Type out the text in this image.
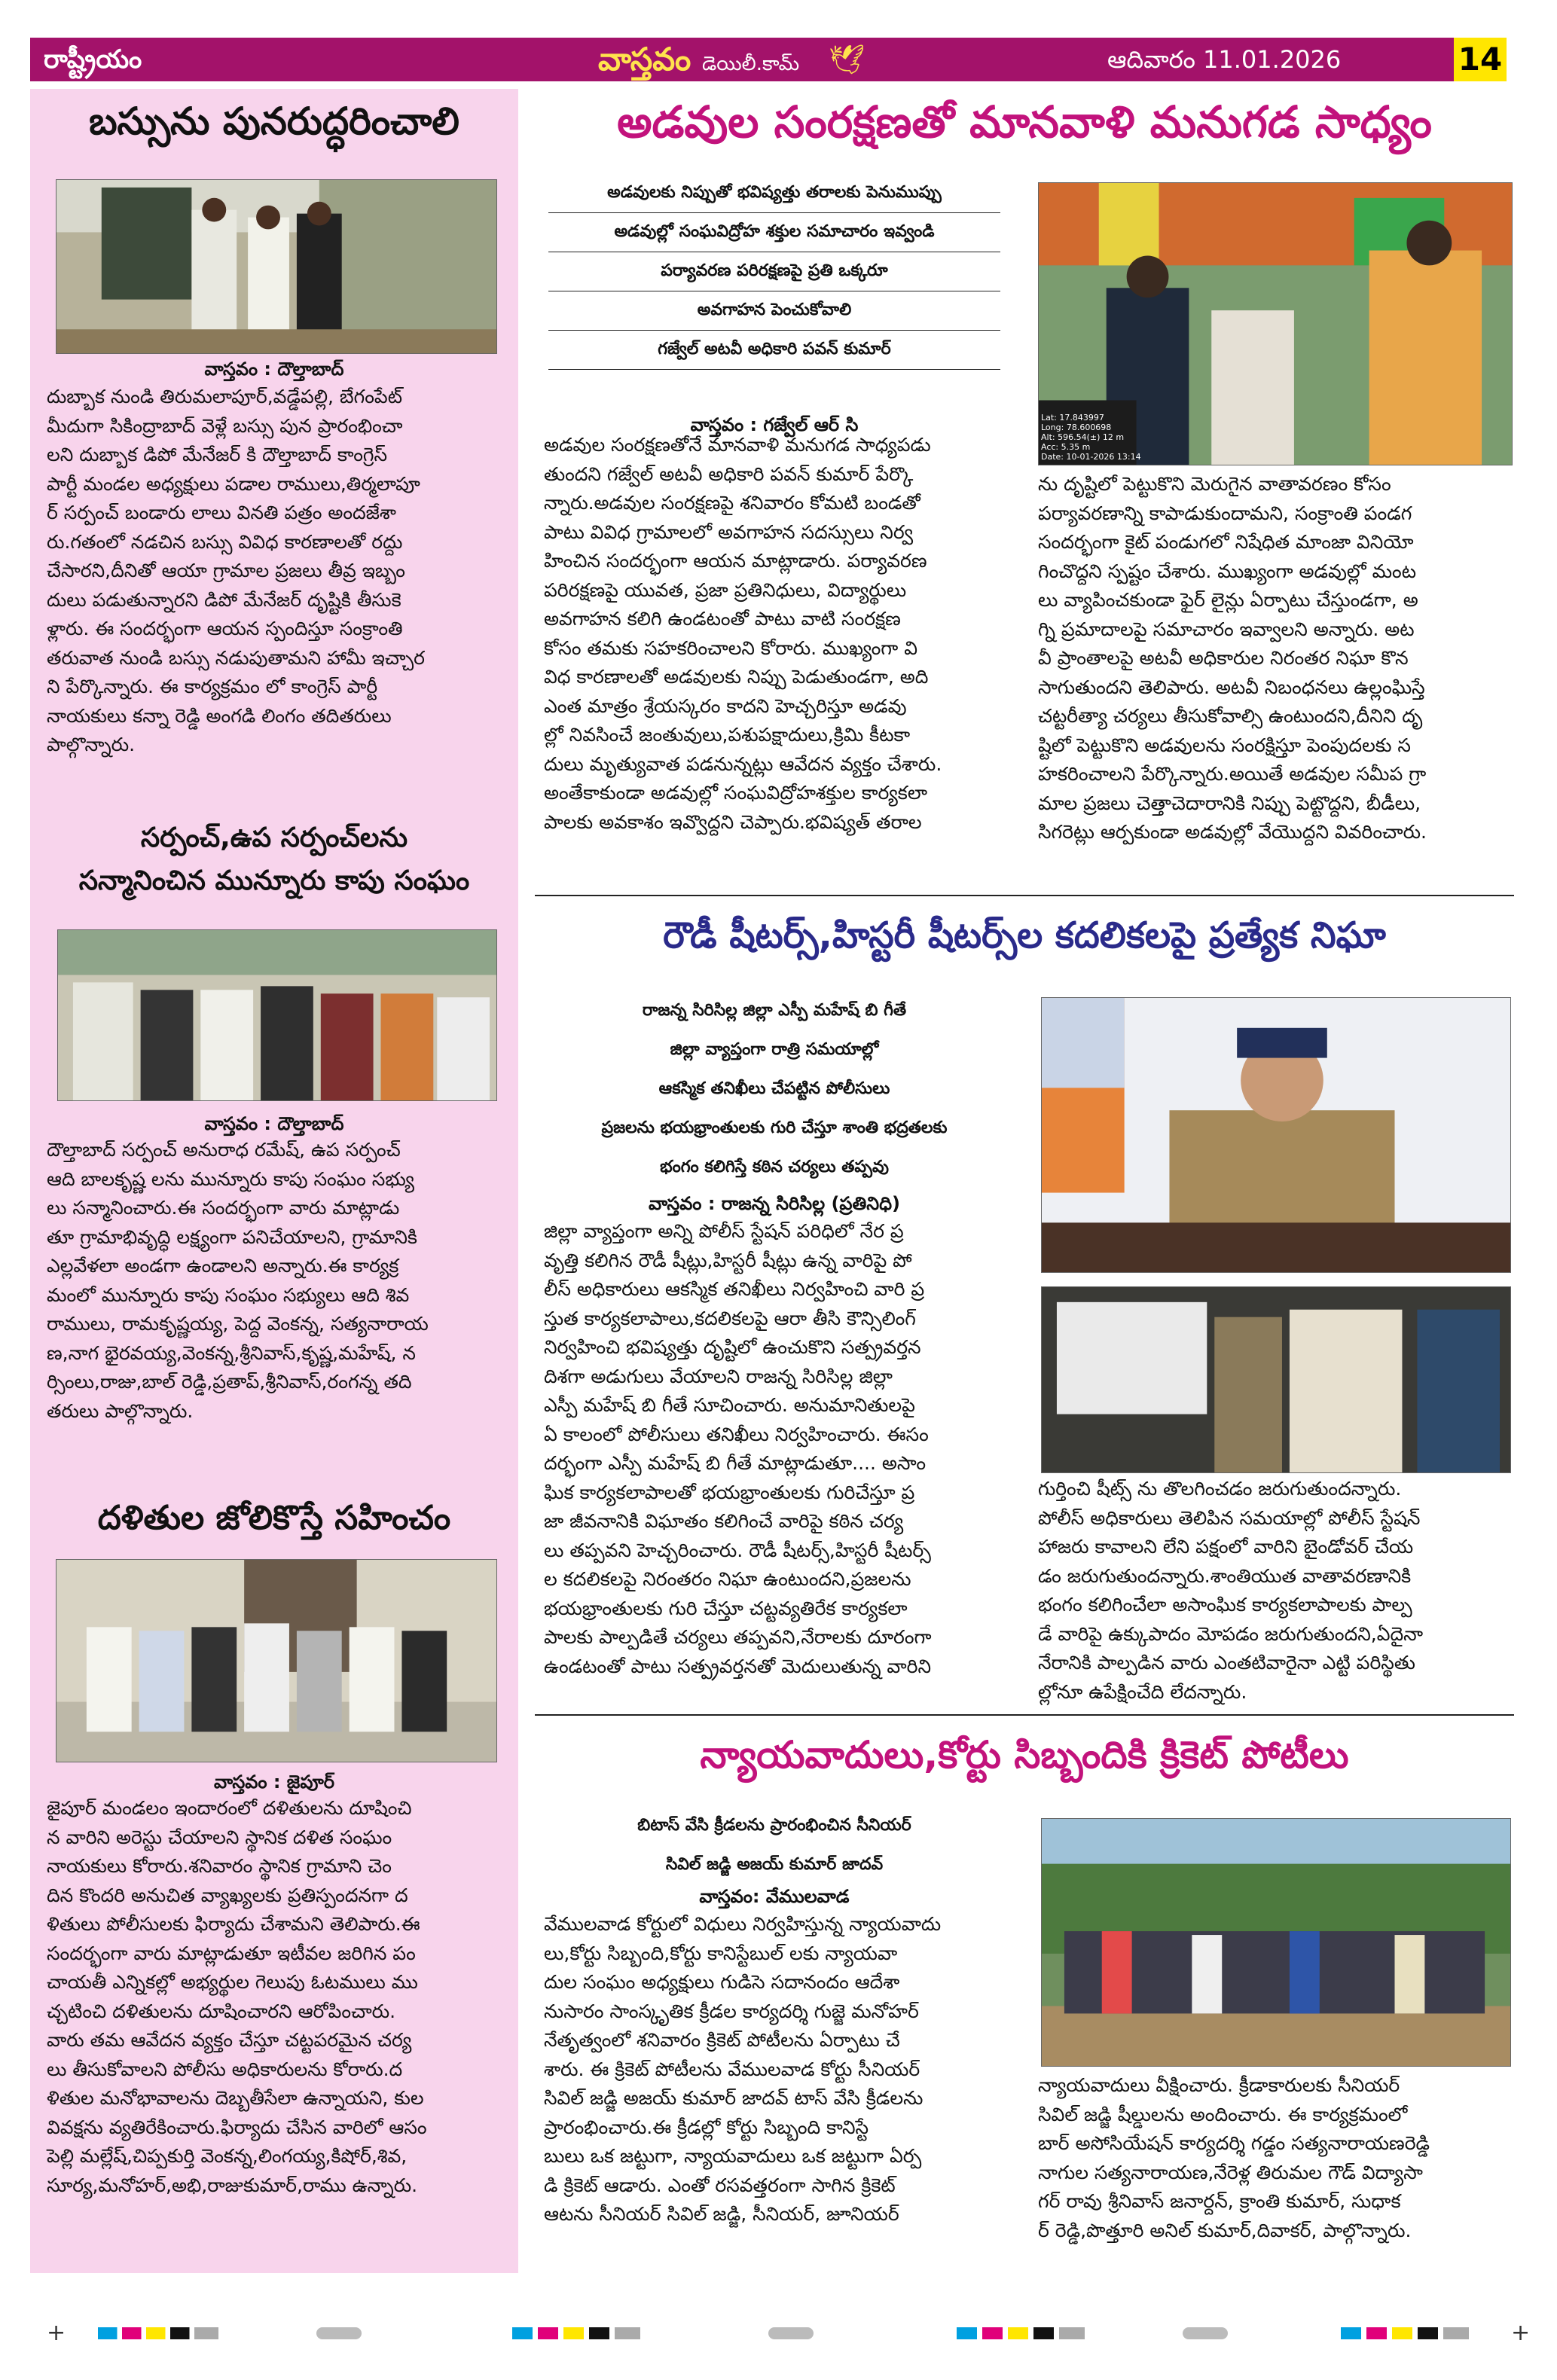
రాష్ట్రీయం	వాస్తవం డెయిలీ.కామ్ 🕊	ఆదివారం 11.01.2026	14
బస్సును పునరుద్ధరించాలి
వాస్తవం : దౌల్తాబాద్
దుబ్బాక నుండి తిరుమలాపూర్,వడ్డేపల్లి, బేగంపేట్
మీదుగా సికింద్రాబాద్ వెళ్లే బస్సు పున ప్రారంభించా
లని దుబ్బాక డిపో మేనేజర్ కి దౌల్తాబాద్ కాంగ్రెస్
పార్టీ మండల అధ్యక్షులు పడాల రాములు,తిర్మలాపూ
ర్ సర్పంచ్ బండారు లాలు వినతి పత్రం అందజేశా
రు.గతంలో నడచిన బస్సు వివిధ కారణాలతో రద్దు
చేసారని,దీనితో ఆయా గ్రామాల ప్రజలు తీవ్ర ఇబ్బం
దులు పడుతున్నారని డిపో మేనేజర్ దృష్టికి తీసుకె
ళ్లారు. ఈ సందర్భంగా ఆయన స్పందిస్తూ సంక్రాంతి
తరువాత నుండి బస్సు నడుపుతామని హామీ ఇచ్చార
ని పేర్కొన్నారు. ఈ కార్యక్రమం లో కాంగ్రెస్ పార్టీ
నాయకులు కన్నా రెడ్డి అంగడి లింగం తదితరులు
పాల్గొన్నారు.
సర్పంచ్,ఉప సర్పంచ్‌లను
సన్మానించిన మున్నూరు కాపు సంఘం
వాస్తవం : దౌల్తాబాద్
దౌల్తాబాద్ సర్పంచ్ అనురాధ రమేష్, ఉప సర్పంచ్
ఆది బాలకృష్ణ లను మున్నూరు కాపు సంఘం సభ్యు
లు సన్మానించారు.ఈ సందర్భంగా వారు మాట్లాడు
తూ గ్రామాభివృద్ధి లక్ష్యంగా పనిచేయాలని, గ్రామానికి
ఎల్లవేళలా అండగా ఉండాలని అన్నారు.ఈ కార్యక్ర
మంలో మున్నూరు కాపు సంఘం సభ్యులు ఆది శివ
రాములు, రామకృష్ణయ్య, పెద్ద వెంకన్న, సత్యనారాయ
ణ,నాగ భైరవయ్య,వెంకన్న,శ్రీనివాస్,కృష్ణ,మహేష్, న
ర్సింలు,రాజు,బాల్ రెడ్డి,ప్రతాప్,శ్రీనివాస్,రంగన్న తది
తరులు పాల్గొన్నారు.
దళితుల జోలికొస్తే సహించం
వాస్తవం : జైపూర్
జైపూర్ మండలం ఇందారంలో దళితులను దూషించి
న వారిని అరెస్టు చేయాలని స్థానిక దళిత సంఘం
నాయకులు కోరారు.శనివారం స్థానిక గ్రామాని చెం
దిన కొందరి అనుచిత వ్యాఖ్యలకు ప్రతిస్పందనగా ద
ళితులు పోలీసులకు ఫిర్యాదు చేశామని తెలిపారు.ఈ
సందర్భంగా వారు మాట్లాడుతూ ఇటీవల జరిగిన పం
చాయతీ ఎన్నికల్లో అభ్యర్థుల గెలుపు ఓటములు ము
చ్చటించి దళితులను దూషించారని ఆరోపించారు.
వారు తమ ఆవేదన వ్యక్తం చేస్తూ చట్టపరమైన చర్య
లు తీసుకోవాలని పోలీసు అధికారులను కోరారు.ద
ళితుల మనోభావాలను దెబ్బతీసేలా ఉన్నాయని, కుల
వివక్షను వ్యతిరేకించారు.ఫిర్యాదు చేసిన వారిలో ఆసం
పెల్లి మల్లేష్,చిప్పకుర్తి వెంకన్న,లింగయ్య,కిషోర్,శివ,
సూర్య,మనోహర్,అభి,రాజుకుమార్,రాము ఉన్నారు.
అడవుల సంరక్షణతో మానవాళి మనుగడ సాధ్యం
అడవులకు నిప్పుతో భవిష్యత్తు తరాలకు పెనుముప్పు
అడవుల్లో సంఘవిద్రోహ శక్తుల సమాచారం ఇవ్వండి
పర్యావరణ పరిరక్షణపై ప్రతి ఒక్కరూ
అవగాహన పెంచుకోవాలి
గజ్వేల్ అటవీ అధికారి పవన్ కుమార్
వాస్తవం : గజ్వేల్ ఆర్ సి	Lat: 17.843997
Long: 78.600698
Alt: 596.54(±) 12 m
Acc: 5.35 m
Date: 10-01-2026 13:14
అడవుల సంరక్షణతోనే మానవాళి మనుగడ సాధ్యపడు
తుందని గజ్వేల్ అటవీ అధికారి పవన్ కుమార్ పేర్కొ
న్నారు.అడవుల సంరక్షణపై శనివారం కోమటి బండతో
పాటు వివిధ గ్రామాలలో అవగాహన సదస్సులు నిర్వ
హించిన సందర్భంగా ఆయన మాట్లాడారు. పర్యావరణ
పరిరక్షణపై యువత, ప్రజా ప్రతినిధులు, విద్యార్థులు
అవగాహన కలిగి ఉండటంతో పాటు వాటి సంరక్షణ
కోసం తమకు సహకరించాలని కోరారు. ముఖ్యంగా వి
విధ కారణాలతో అడవులకు నిప్పు పెడుతుండగా, అది
ఎంత మాత్రం శ్రేయస్కరం కాదని హెచ్చరిస్తూ అడవు
ల్లో నివసించే జంతువులు,పశుపక్షాదులు,క్రిమి కీటకా
దులు మృత్యువాత పడనున్నట్లు ఆవేదన వ్యక్తం చేశారు.
అంతేకాకుండా అడవుల్లో సంఘవిద్రోహశక్తుల కార్యకలా
పాలకు అవకాశం ఇవ్వొద్దని చెప్పారు.భవిష్యత్ తరాల
ను దృష్టిలో పెట్టుకొని మెరుగైన వాతావరణం కోసం
పర్యావరణాన్ని కాపాడుకుందామని, సంక్రాంతి పండగ
సందర్భంగా కైట్ పండుగలో నిషేధిత మాంజా వినియో
గించొద్దని స్పష్టం చేశారు. ముఖ్యంగా అడవుల్లో మంట
లు వ్యాపించకుండా ఫైర్ లైన్లు ఏర్పాటు చేస్తుండగా, అ
గ్ని ప్రమాదాలపై సమాచారం ఇవ్వాలని అన్నారు. అట
వీ ప్రాంతాలపై అటవీ అధికారుల నిరంతర నిఘా కొన
సాగుతుందని తెలిపారు. అటవీ నిబంధనలు ఉల్లంఘిస్తే
చట్టరీత్యా చర్యలు తీసుకోవాల్సి ఉంటుందని,దీనిని దృ
ష్టిలో పెట్టుకొని అడవులను సంరక్షిస్తూ పెంపుదలకు స
హకరించాలని పేర్కొన్నారు.అయితే అడవుల సమీప గ్రా
మాల ప్రజలు చెత్తాచెదారానికి నిప్పు పెట్టొద్దని, బీడీలు,
సిగరెట్లు ఆర్పకుండా అడవుల్లో వేయొద్దని వివరించారు.
రౌడీ షీటర్స్,హిస్టరీ షీటర్స్‌ల కదలికలపై ప్రత్యేక నిఘా
రాజన్న సిరిసిల్ల జిల్లా ఎస్పీ మహేష్ బి గీతే
జిల్లా వ్యాప్తంగా రాత్రి సమయాల్లో
ఆకస్మిక తనిఖీలు చేపట్టిన పోలీసులు
ప్రజలను భయభ్రాంతులకు గురి చేస్తూ శాంతి భద్రతలకు
భంగం కలిగిస్తే కఠిన చర్యలు తప్పవు
వాస్తవం : రాజన్న సిరిసిల్ల (ప్రతినిధి)
జిల్లా వ్యాప్తంగా అన్ని పోలీస్ స్టేషన్ పరిధిలో నేర ప్ర
వృత్తి కలిగిన రౌడీ షీట్లు,హిస్టరీ షీట్లు ఉన్న వారిపై పో
లీస్ అధికారులు ఆకస్మిక తనిఖీలు నిర్వహించి వారి ప్ర
స్తుత కార్యకలాపాలు,కదలికలపై ఆరా తీసి కౌన్సిలింగ్
నిర్వహించి భవిష్యత్తు దృష్టిలో ఉంచుకొని సత్ప్రవర్తన
దిశగా అడుగులు వేయాలని రాజన్న సిరిసిల్ల జిల్లా
ఎస్పీ మహేష్ బి గీతే సూచించారు. అనుమానితులపై
ఏ కాలంలో పోలీసులు తనిఖీలు నిర్వహించారు. ఈసం
దర్భంగా ఎస్పీ మహేష్ బి గీతే మాట్లాడుతూ.... అసాం
ఘిక కార్యకలాపాలతో భయభ్రాంతులకు గురిచేస్తూ ప్ర
జా జీవనానికి విఘాతం కలిగించే వారిపై కఠిన చర్య
లు తప్పవని హెచ్చరించారు. రౌడీ షీటర్స్,హిస్టరీ షీటర్స్
ల కదలికలపై నిరంతరం నిఘా ఉంటుందని,ప్రజలను
భయభ్రాంతులకు గురి చేస్తూ చట్టవ్యతిరేక కార్యకలా
పాలకు పాల్పడితే చర్యలు తప్పవని,నేరాలకు దూరంగా
ఉండటంతో పాటు సత్ప్రవర్తనతో మెదులుతున్న వారిని
గుర్తించి షీట్స్ ను తొలగించడం జరుగుతుందన్నారు.
పోలీస్ అధికారులు తెలిపిన సమయాల్లో పోలీస్ స్టేషన్
హాజరు కావాలని లేని పక్షంలో వారిని బైండోవర్ చేయ
డం జరుగుతుందన్నారు.శాంతియుత వాతావరణానికి
భంగం కలిగించేలా అసాంఘిక కార్యకలాపాలకు పాల్ప
డే వారిపై ఉక్కుపాదం మోపడం జరుగుతుందని,ఏదైనా
నేరానికి పాల్పడిన వారు ఎంతటివారైనా ఎట్టి పరిస్థితు
ల్లోనూ ఉపేక్షించేది లేదన్నారు.
న్యాయవాదులు,కోర్టు సిబ్బందికి క్రికెట్ పోటీలు
బిటాస్ వేసి క్రీడలను ప్రారంభించిన సీనియర్
సివిల్ జడ్జి అజయ్ కుమార్ జాదవ్
వాస్తవం: వేములవాడ
వేములవాడ కోర్టులో విధులు నిర్వహిస్తున్న న్యాయవాదు
లు,కోర్టు సిబ్బంది,కోర్టు కానిస్టేబుల్ లకు న్యాయవా
దుల సంఘం అధ్యక్షులు గుడిసె సదానందం ఆదేశా
నుసారం సాంస్కృతిక క్రీడల కార్యదర్శి గుజ్జె మనోహర్
నేతృత్వంలో శనివారం క్రికెట్ పోటీలను ఏర్పాటు చే
శారు. ఈ క్రికెట్ పోటీలను వేములవాడ కోర్టు సీనియర్
సివిల్ జడ్జి అజయ్ కుమార్ జాదవ్ టాస్ వేసి క్రీడలను
ప్రారంభించారు.ఈ క్రీడల్లో కోర్టు సిబ్బంది కానిస్టే
బులు ఒక జట్టుగా, న్యాయవాదులు ఒక జట్టుగా ఏర్ప
డి క్రికెట్ ఆడారు. ఎంతో రసవత్తరంగా సాగిన క్రికెట్
ఆటను సీనియర్ సివిల్ జడ్జి, సీనియర్, జూనియర్
న్యాయవాదులు వీక్షించారు. క్రీడాకారులకు సీనియర్
సివిల్ జడ్జి షీల్డులను అందించారు. ఈ కార్యక్రమంలో
బార్ అసోసియేషన్ కార్యదర్శి గడ్డం సత్యనారాయణరెడ్డి
నాగుల సత్యనారాయణ,నేరెళ్ల తిరుమల గౌడ్ విద్యాసా
గర్ రావు శ్రీనివాస్ జనార్దన్, క్రాంతి కుమార్, సుధాక
ర్ రెడ్డి,పొత్తూరి అనిల్ కుమార్,దివాకర్, పాల్గొన్నారు.
+	+
